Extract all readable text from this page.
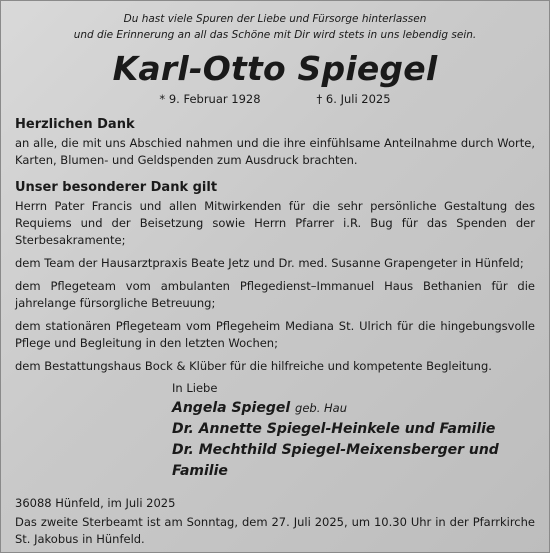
Du hast viele Spuren der Liebe und Fürsorge hinterlassen
und die Erinnerung an all das Schöne mit Dir wird stets in uns lebendig sein.

Karl-Otto Spiegel
* 9. Februar 1928	† 6. Juli 2025
Herzlichen Dank

an alle, die mit uns Abschied nahmen und die ihre einfühlsame Anteilnahme durch Worte, Karten, Blumen- und Geldspenden zum Ausdruck brachten.

Unser besonderer Dank gilt

Herrn Pater Francis und allen Mitwirkenden für die sehr persönliche Gestaltung des Requiems und der Beisetzung sowie Herrn Pfarrer i.R. Bug für das Spenden der Sterbesakramente;

dem Team der Hausarztpraxis Beate Jetz und Dr. med. Susanne Grapengeter in Hünfeld;

dem Pflegeteam vom ambulanten Pflegedienst–Immanuel Haus Bethanien für die jahrelange fürsorgliche Betreuung;

dem stationären Pflegeteam vom Pflegeheim Mediana St. Ulrich für die hingebungsvolle Pflege und Begleitung in den letzten Wochen;

dem Bestattungshaus Bock & Klüber für die hilfreiche und kompetente Begleitung.

In Liebe

Angela Spiegel geb. Hau

Dr. Annette Spiegel-Heinkele und Familie

Dr. Mechthild Spiegel-Meixensberger und Familie

36088 Hünfeld, im Juli 2025

Das zweite Sterbeamt ist am Sonntag, dem 27. Juli 2025, um 10.30 Uhr in der Pfarrkirche St. Jakobus in Hünfeld.
